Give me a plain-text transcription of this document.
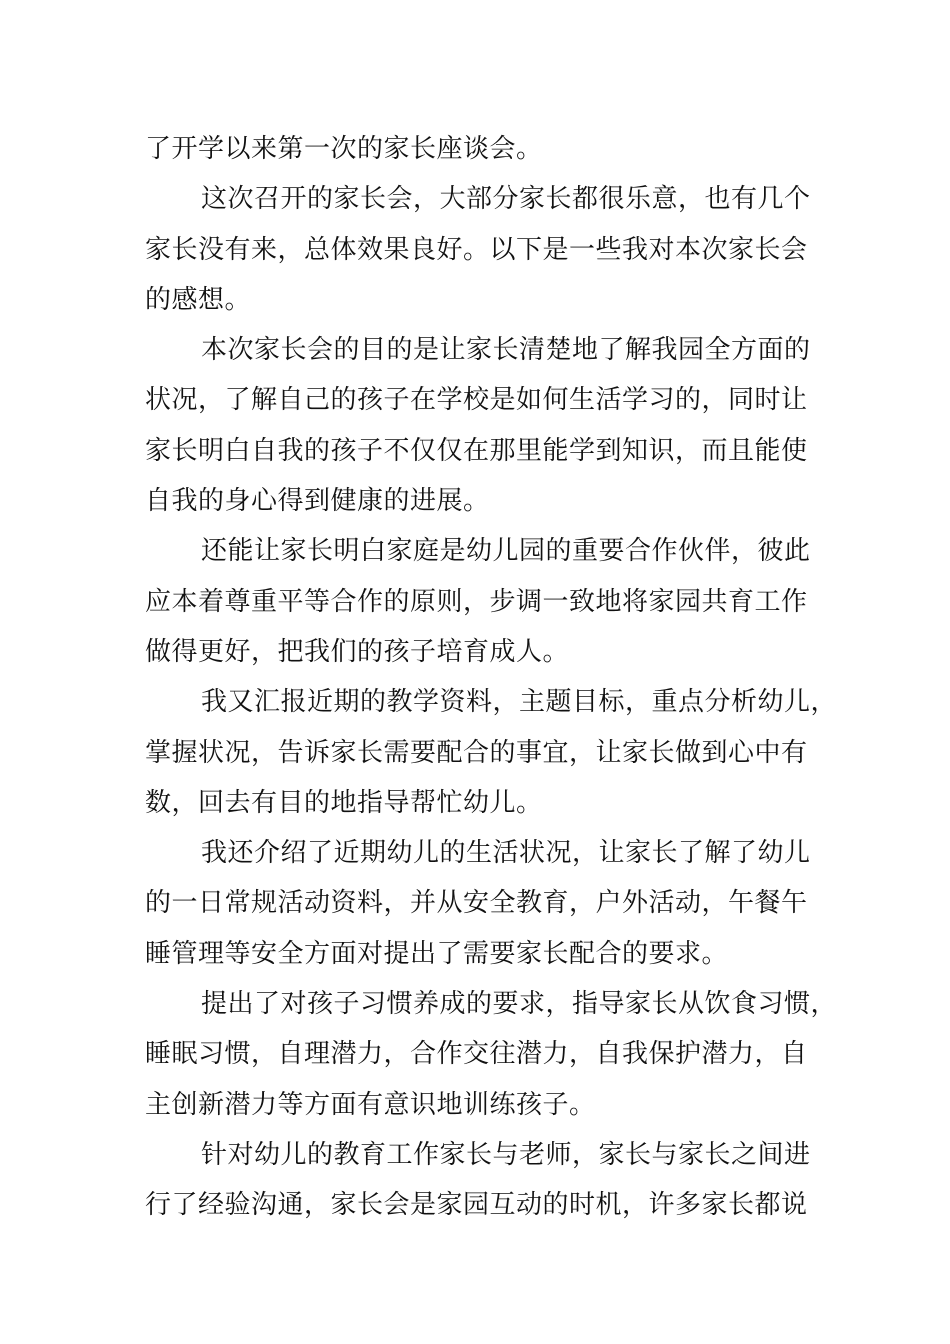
了开学以来第一次的家长座谈会。
这次召开的家长会，大部分家长都很乐意，也有几个
家长没有来，总体效果良好。以下是一些我对本次家长会
的感想。
本次家长会的目的是让家长清楚地了解我园全方面的
状况，了解自己的孩子在学校是如何生活学习的，同时让
家长明白自我的孩子不仅仅在那里能学到知识，而且能使
自我的身心得到健康的进展。
还能让家长明白家庭是幼儿园的重要合作伙伴，彼此
应本着尊重平等合作的原则，步调一致地将家园共育工作
做得更好，把我们的孩子培育成人。
我又汇报近期的教学资料，主题目标，重点分析幼儿，
掌握状况，告诉家长需要配合的事宜，让家长做到心中有
数，回去有目的地指导帮忙幼儿。
我还介绍了近期幼儿的生活状况，让家长了解了幼儿
的一日常规活动资料，并从安全教育，户外活动，午餐午
睡管理等安全方面对提出了需要家长配合的要求。
提出了对孩子习惯养成的要求，指导家长从饮食习惯，
睡眠习惯，自理潜力，合作交往潜力，自我保护潜力，自
主创新潜力等方面有意识地训练孩子。
针对幼儿的教育工作家长与老师，家长与家长之间进
行了经验沟通，家长会是家园互动的时机，许多家长都说
